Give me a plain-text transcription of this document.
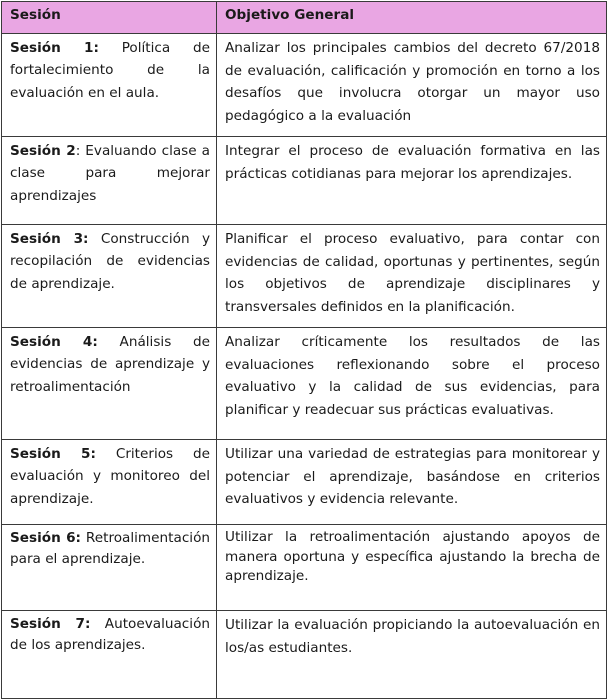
Sesión	Objetivo General
Sesión 1: Política de fortalecimiento de la evaluación en el aula.	Analizar los principales cambios del decreto 67/2018 de evaluación, calificación y promoción en torno a los desafíos que involucra otorgar un mayor uso pedagógico a la evaluación
Sesión 2: Evaluando clase a clase para mejorar aprendizajes	Integrar el proceso de evaluación formativa en las prácticas cotidianas para mejorar los aprendizajes.
Sesión 3: Construcción y recopilación de evidencias de aprendizaje.	Planificar el proceso evaluativo, para contar con evidencias de calidad, oportunas y pertinentes, según los objetivos de aprendizaje disciplinares y transversales definidos en la planificación.
Sesión 4: Análisis de evidencias de aprendizaje y retroalimentación	Analizar críticamente los resultados de las evaluaciones reflexionando sobre el proceso evaluativo y la calidad de sus evidencias, para planificar y readecuar sus prácticas evaluativas.
Sesión 5: Criterios de evaluación y monitoreo del aprendizaje.	Utilizar una variedad de estrategias para monitorear y potenciar el aprendizaje, basándose en criterios evaluativos y evidencia relevante.
Sesión 6: Retroalimentación para el aprendizaje.	Utilizar la retroalimentación ajustando apoyos de manera oportuna y específica ajustando la brecha de aprendizaje.
Sesión 7: Autoevaluación de los aprendizajes.	Utilizar la evaluación propiciando la autoevaluación en los/as estudiantes.
